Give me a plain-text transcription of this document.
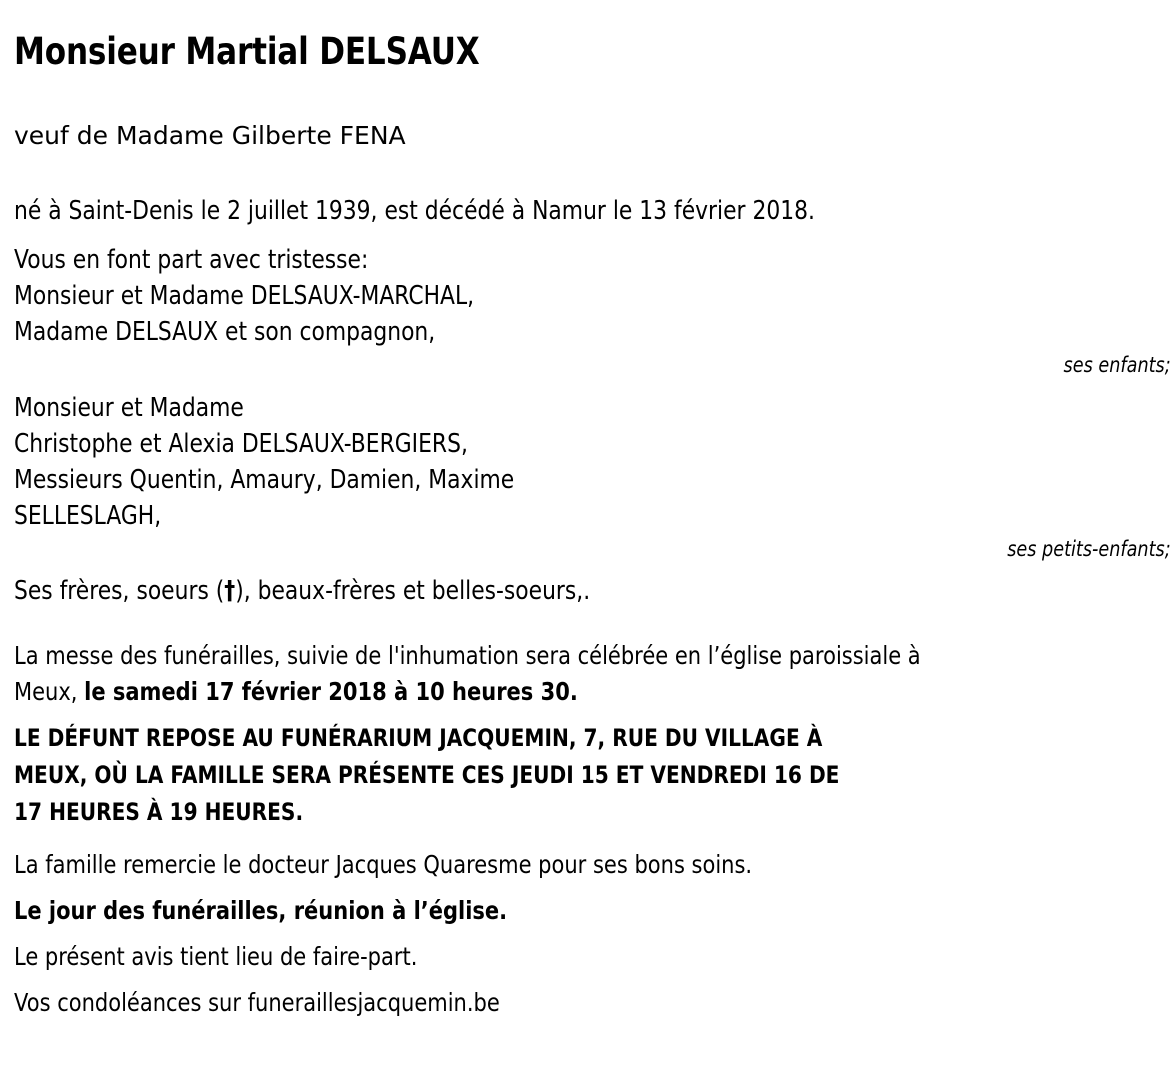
Monsieur Martial DELSAUX
veuf de Madame Gilberte FENA
né à Saint-Denis le 2 juillet 1939, est décédé à Namur le 13 février 2018.
Vous en font part avec tristesse:
Monsieur et Madame DELSAUX-MARCHAL,
Madame DELSAUX et son compagnon,
ses enfants;
Monsieur et Madame
Christophe et Alexia DELSAUX-BERGIERS,
Messieurs Quentin, Amaury, Damien, Maxime
SELLESLAGH,
ses petits-enfants;
Ses frères, soeurs (†), beaux-frères et belles-soeurs,.
La messe des funérailles, suivie de l'inhumation sera célébrée en l’église paroissiale à Meux, le samedi 17 février 2018 à 10 heures 30.
LE DÉFUNT REPOSE AU FUNÉRARIUM JACQUEMIN, 7, RUE DU VILLAGE À
MEUX, OÙ LA FAMILLE SERA PRÉSENTE CES JEUDI 15 ET VENDREDI 16 DE
17 HEURES À 19 HEURES.
La famille remercie le docteur Jacques Quaresme pour ses bons soins.
Le jour des funérailles, réunion à l’église.
Le présent avis tient lieu de faire-part.
Vos condoléances sur funeraillesjacquemin.be
